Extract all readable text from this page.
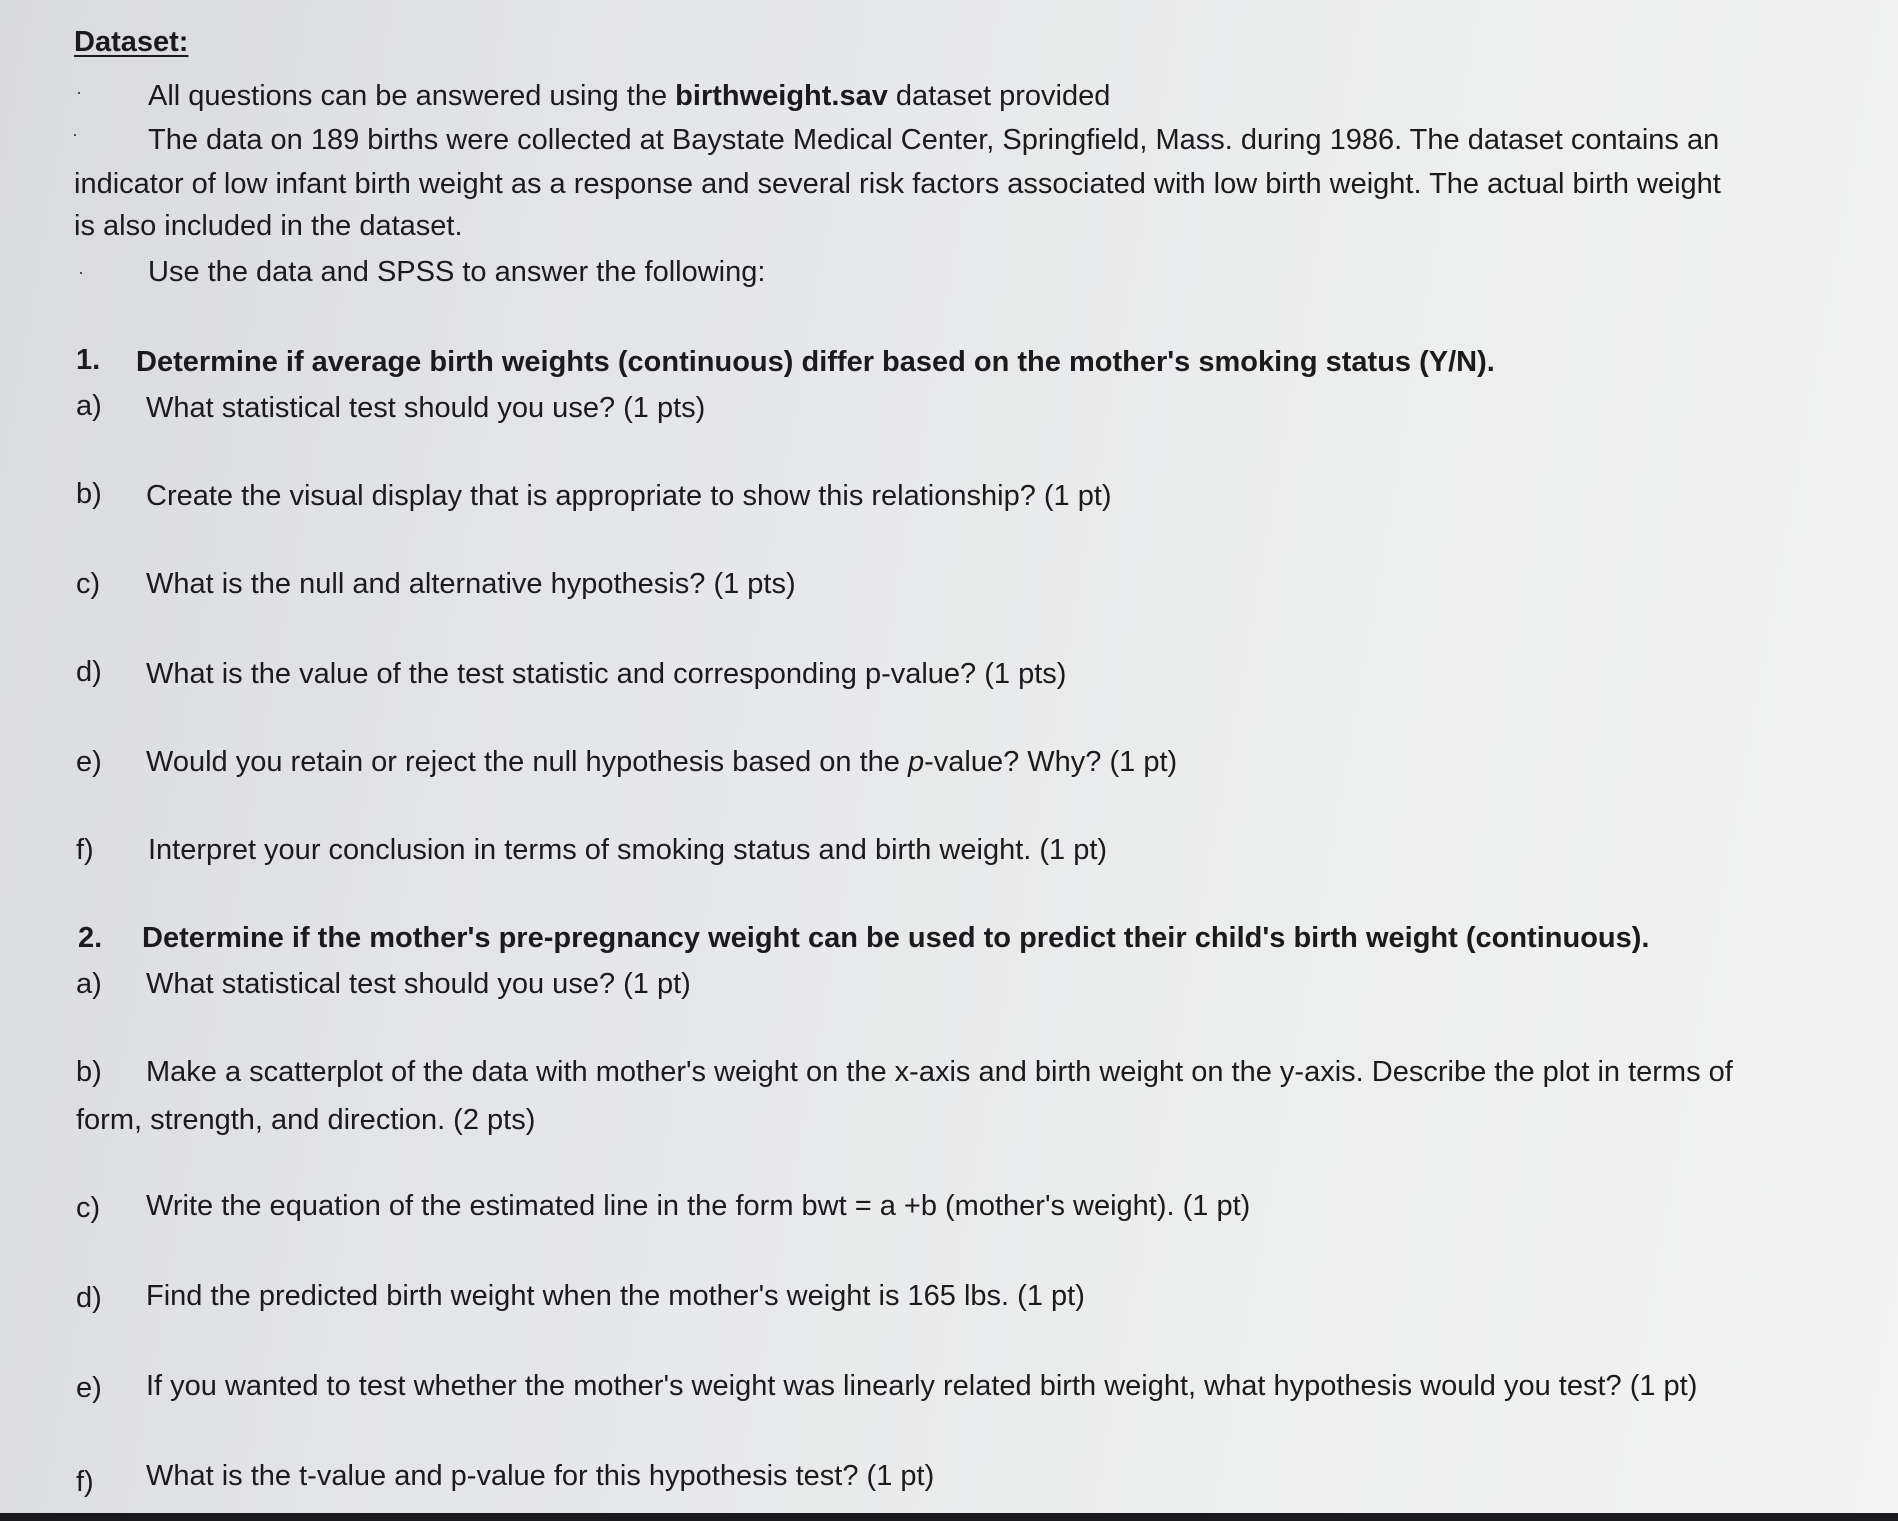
Dataset:
· All questions can be answered using the birthweight.sav dataset provided
· The data on 189 births were collected at Baystate Medical Center, Springfield, Mass. during 1986. The dataset contains an
indicator of low infant birth weight as a response and several risk factors associated with low birth weight. The actual birth weight
is also included in the dataset.
· Use the data and SPSS to answer the following:
1. Determine if average birth weights (continuous) differ based on the mother's smoking status (Y/N).
a) What statistical test should you use? (1 pts)
b) Create the visual display that is appropriate to show this relationship? (1 pt)
c) What is the null and alternative hypothesis? (1 pts)
d) What is the value of the test statistic and corresponding p-value? (1 pts)
e) Would you retain or reject the null hypothesis based on the p-value? Why? (1 pt)
f) Interpret your conclusion in terms of smoking status and birth weight. (1 pt)
2. Determine if the mother's pre-pregnancy weight can be used to predict their child's birth weight (continuous).
a) What statistical test should you use? (1 pt)
b) Make a scatterplot of the data with mother's weight on the x-axis and birth weight on the y-axis. Describe the plot in terms of
form, strength, and direction. (2 pts)
c) Write the equation of the estimated line in the form bwt = a +b (mother's weight). (1 pt)
d) Find the predicted birth weight when the mother's weight is 165 lbs. (1 pt)
e) If you wanted to test whether the mother's weight was linearly related birth weight, what hypothesis would you test? (1 pt)
f) What is the t-value and p-value for this hypothesis test? (1 pt)
